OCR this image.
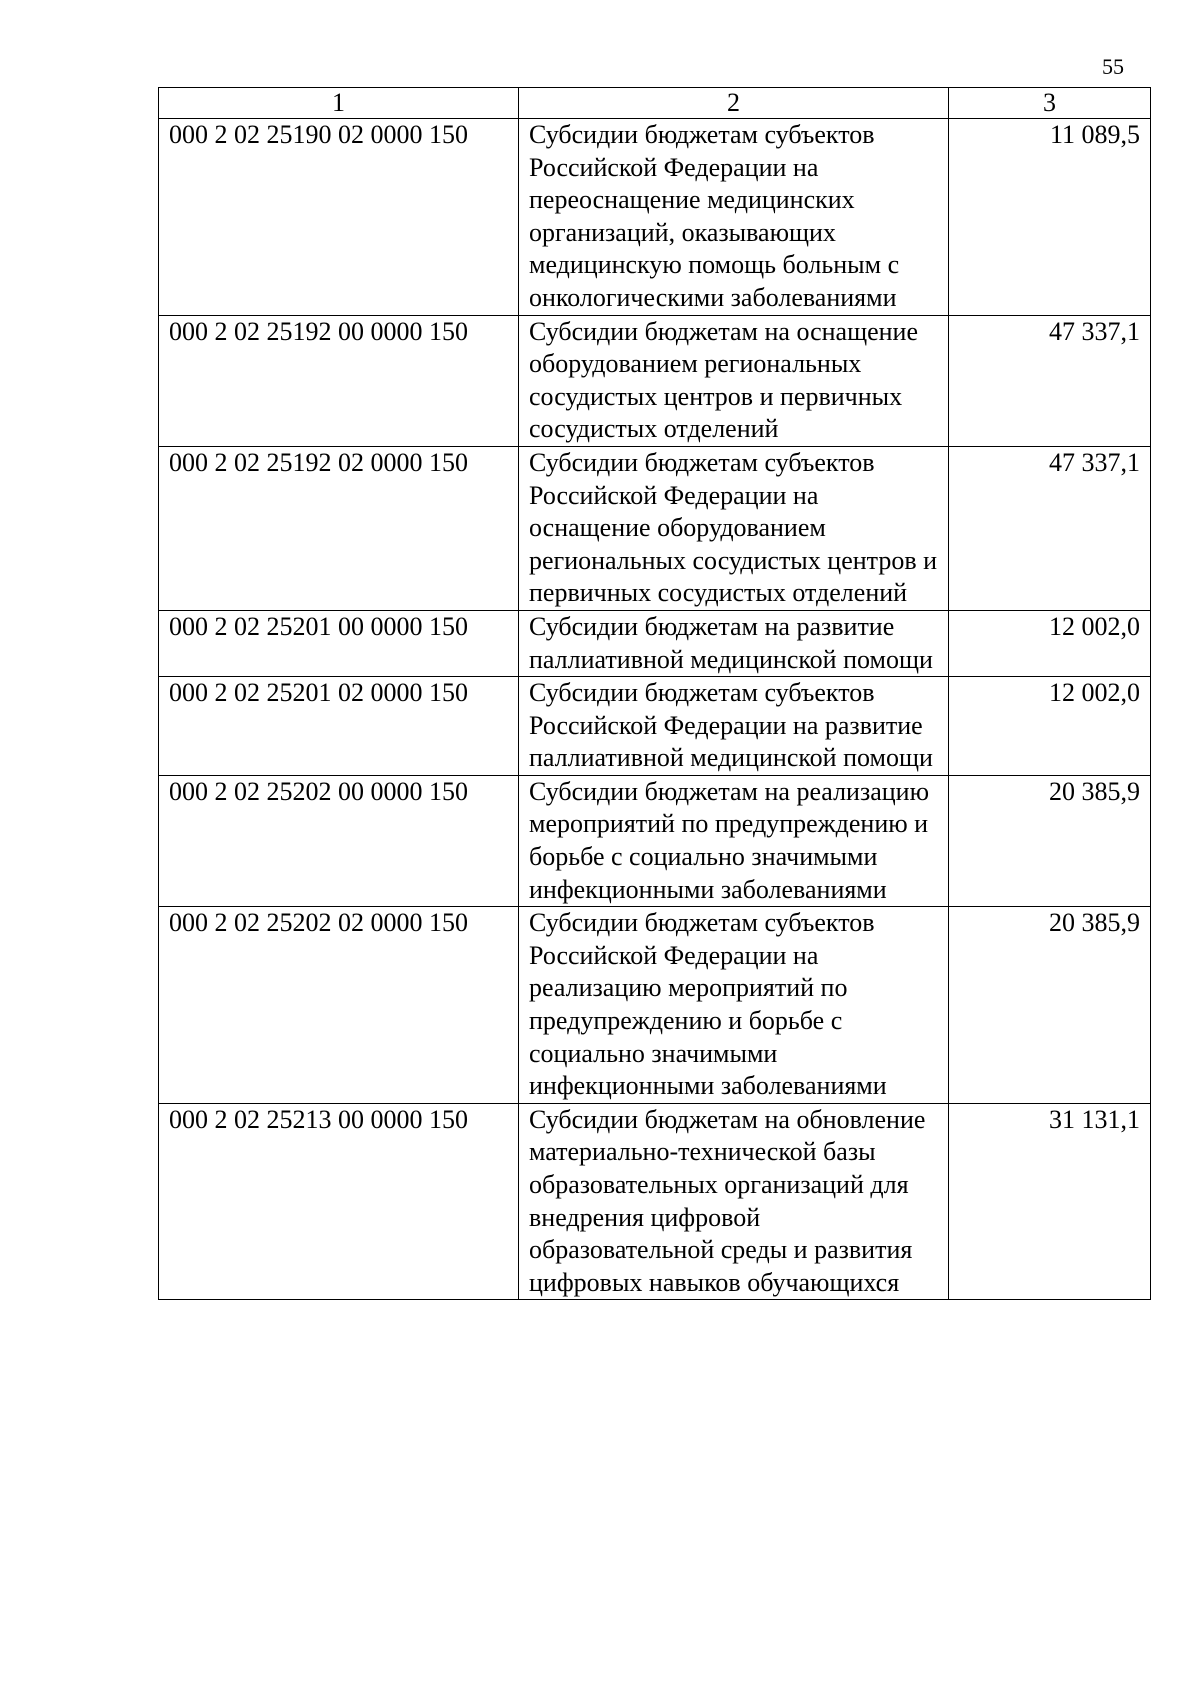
55
1	2	3
000 2 02 25190 02 0000 150	Субсидии бюджетам субъектов Российской Федерации на переоснащение медицинских организаций, оказывающих медицинскую помощь больным с онкологическими заболеваниями	11 089,5
000 2 02 25192 00 0000 150	Субсидии бюджетам на оснащение оборудованием региональных сосудистых центров и первичных сосудистых отделений	47 337,1
000 2 02 25192 02 0000 150	Субсидии бюджетам субъектов Российской Федерации на оснащение оборудованием региональных сосудистых центров и первичных сосудистых отделений	47 337,1
000 2 02 25201 00 0000 150	Субсидии бюджетам на развитие паллиативной медицинской помощи	12 002,0
000 2 02 25201 02 0000 150	Субсидии бюджетам субъектов Российской Федерации на развитие паллиативной медицинской помощи	12 002,0
000 2 02 25202 00 0000 150	Субсидии бюджетам на реализацию мероприятий по предупреждению и борьбе с социально значимыми инфекционными заболеваниями	20 385,9
000 2 02 25202 02 0000 150	Субсидии бюджетам субъектов Российской Федерации на реализацию мероприятий по предупреждению и борьбе с социально значимыми инфекционными заболеваниями	20 385,9
000 2 02 25213 00 0000 150	Субсидии бюджетам на обновление материально-технической базы образовательных организаций для внедрения цифровой образовательной среды и развития цифровых навыков обучающихся	31 131,1
